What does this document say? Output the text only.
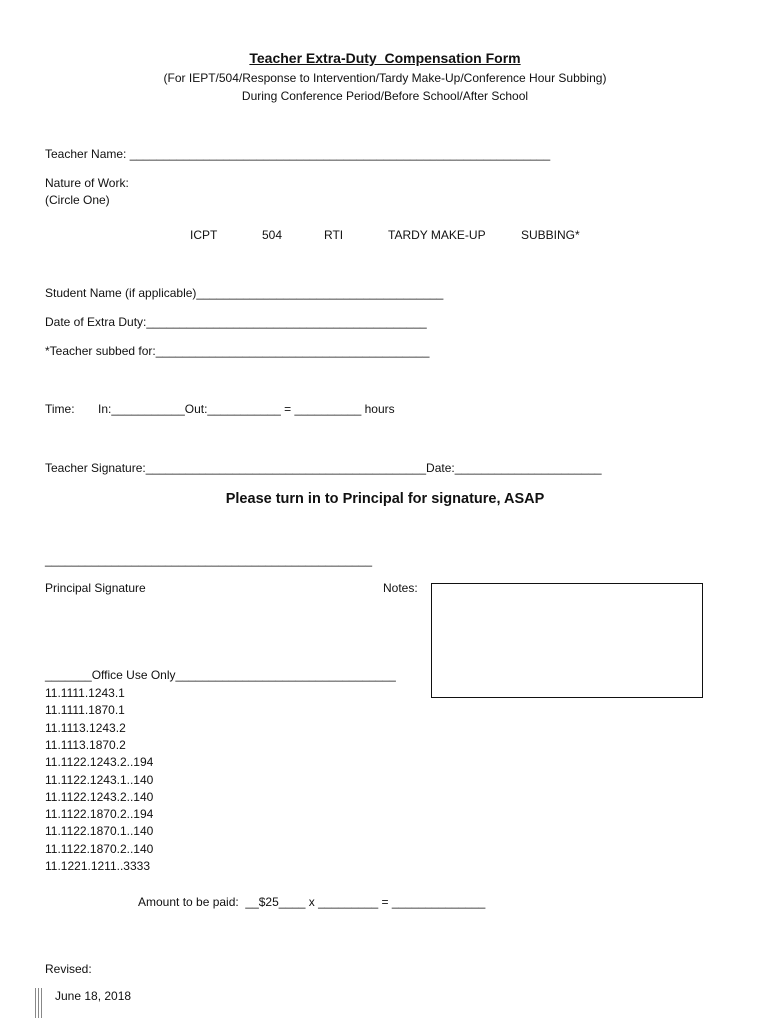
Teacher Extra-Duty  Compensation Form
(For IEPT/504/Response to Intervention/Tardy Make-Up/Conference Hour Subbing)
During Conference Period/Before School/After School
Teacher Name: _______________________________________________________________
Nature of Work:
(Circle One)
ICPT	504	RTI	TARDY MAKE-UP	SUBBING*
Student Name (if applicable)_____________________________________
Date of Extra Duty:__________________________________________
*Teacher subbed for:_________________________________________
Time: In:___________Out:___________ = __________ hours
Teacher Signature:__________________________________________Date:______________________
Please turn in to Principal for signature, ASAP
_________________________________________________
Principal Signature	Notes:
_______Office Use Only_________________________________
11.1111.1243.1
11.1111.1870.1
11.1113.1243.2
11.1113.1870.2
11.1122.1243.2..194
11.1122.1243.1..140
11.1122.1243.2..140
11.1122.1870.2..194
11.1122.1870.1..140
11.1122.1870.2..140
11.1221.1211..3333
Amount to be paid:  __$25____ x _________ = ______________
Revised:
June 18, 2018
